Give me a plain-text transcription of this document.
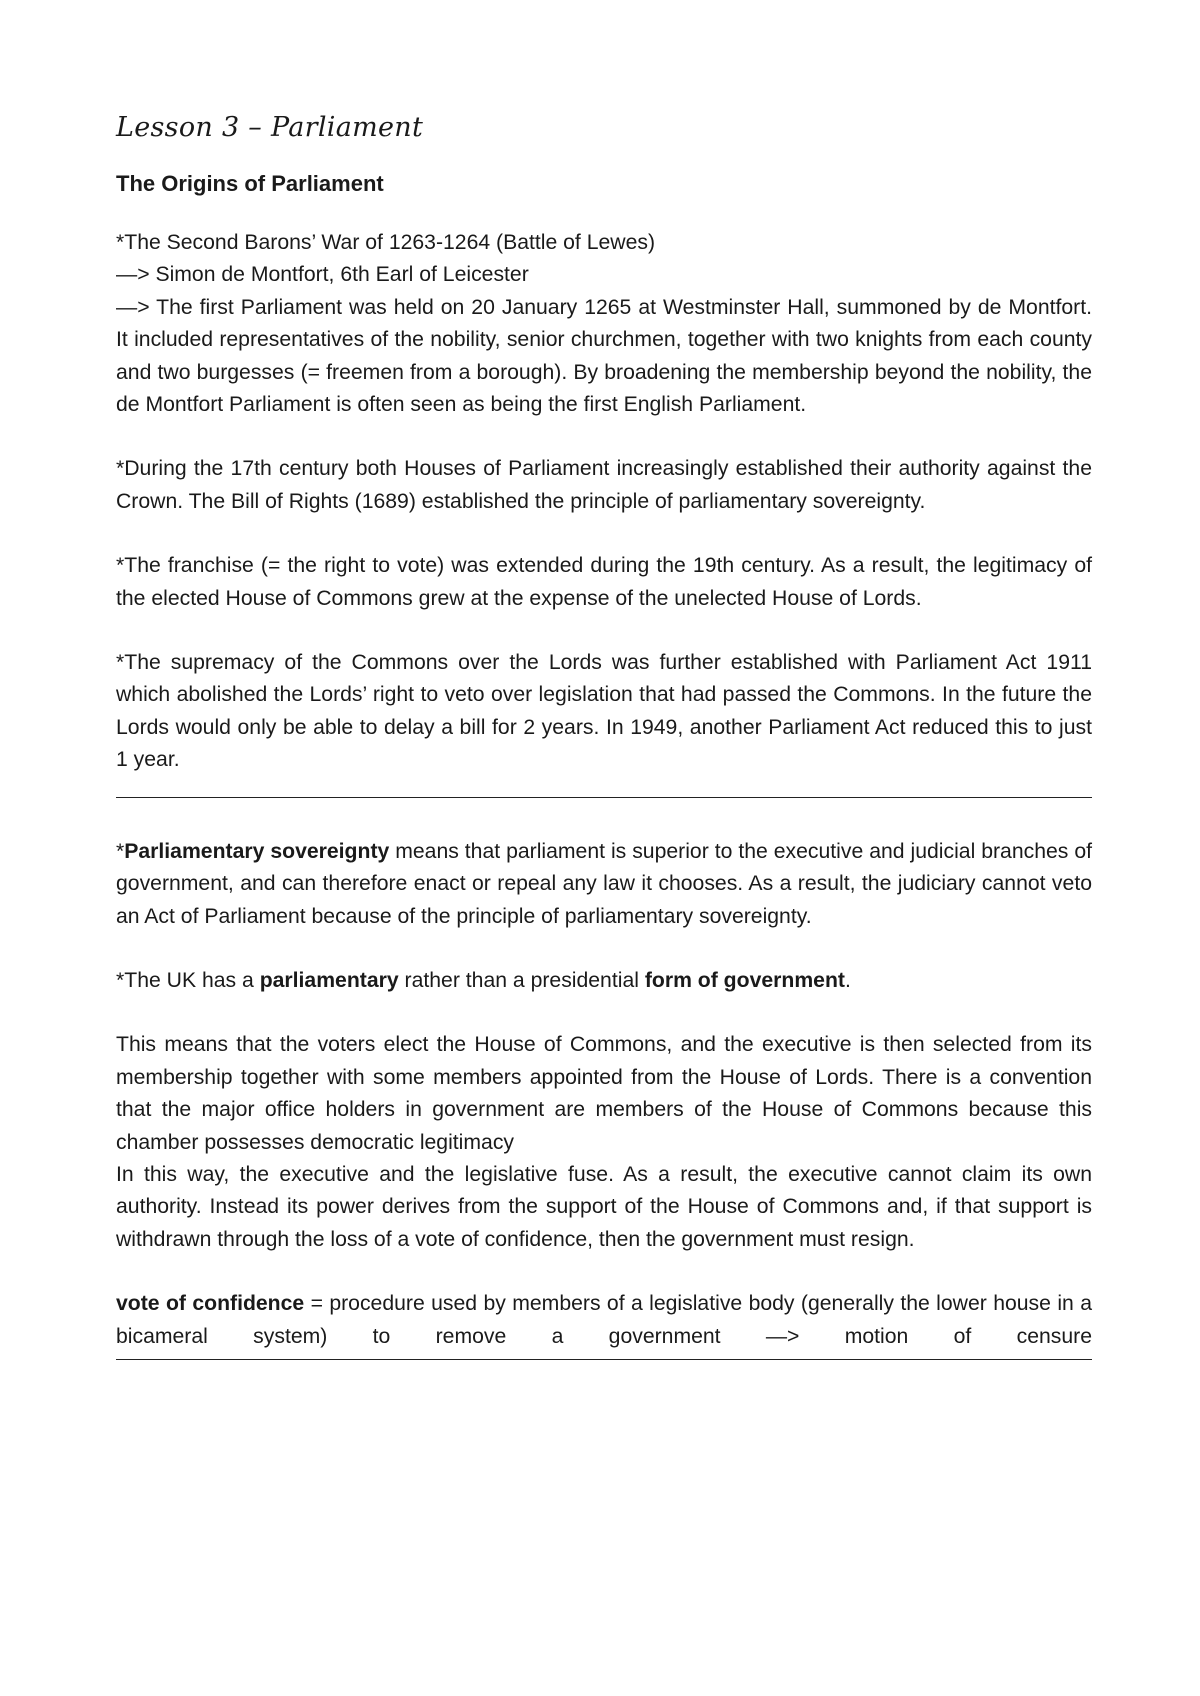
Lesson 3 – Parliament
The Origins of Parliament

*The Second Barons’ War of 1263-1264 (Battle of Lewes)
—> Simon de Montfort, 6th Earl of Leicester
—> The first Parliament was held on 20 January 1265 at Westminster Hall, summoned by de Montfort. It included representatives of the nobility, senior churchmen, together with two knights from each county and two burgesses (= freemen from a borough). By broadening the membership beyond the nobility, the de Montfort Parliament is often seen as being the first English Parliament.

*During the 17th century both Houses of Parliament increasingly established their authority against the Crown. The Bill of Rights (1689) established the principle of parliamentary sovereignty.

*The franchise (= the right to vote) was extended during the 19th century. As a result, the legitimacy of the elected House of Commons grew at the expense of the unelected House of Lords.

*The supremacy of the Commons over the Lords was further established with Parliament Act 1911 which abolished the Lords’ right to veto over legislation that had passed the Commons. In the future the Lords would only be able to delay a bill for 2 years. In 1949, another Parliament Act reduced this to just 1 year.

*Parliamentary sovereignty means that parliament is superior to the executive and judicial branches of government, and can therefore enact or repeal any law it chooses. As a result, the judiciary cannot veto an Act of Parliament because of the principle of parliamentary sovereignty.

*The UK has a parliamentary rather than a presidential form of government.

This means that the voters elect the House of Commons, and the executive is then selected from its membership together with some members appointed from the House of Lords. There is a convention that the major office holders in government are members of the House of Commons because this chamber possesses democratic legitimacy
In this way, the executive and the legislative fuse. As a result, the executive cannot claim its own authority. Instead its power derives from the support of the House of Commons and, if that support is withdrawn through the loss of a vote of confidence, then the government must resign.

vote of confidence = procedure used by members of a legislative body (generally the lower house in a bicameral system) to remove a government —> motion of censure
